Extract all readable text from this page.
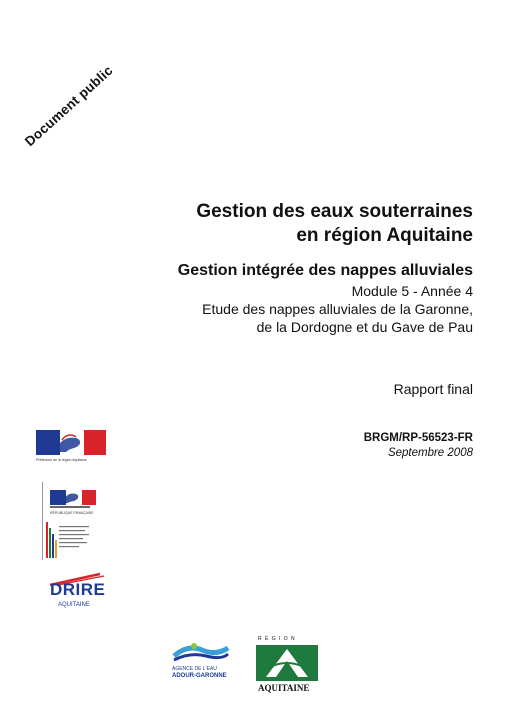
Document public
Gestion des eaux souterraines
en région Aquitaine
Gestion intégrée des nappes alluviales
Module 5 - Année 4
Etude des nappes alluviales de la Garonne,
de la Dordogne et du Gave de Pau
Rapport final
BRGM/RP-56523-FR
Septembre 2008
Préfecture de la région Aquitaine
RÉPUBLIQUE FRANÇAISE
DRIRE
AQUITAINE
AGENCE DE L'EAU
ADOUR-GARONNE
R É G I O N
AQUITAINE
